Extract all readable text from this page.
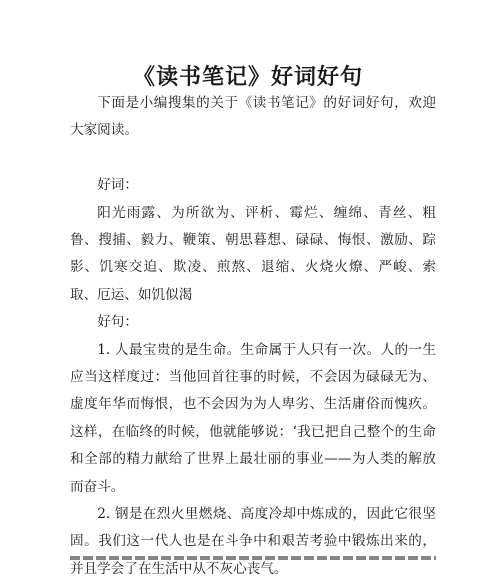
《读书笔记》好词好句

下面是小编搜集的关于《读书笔记》的好词好句，欢迎大家阅读。

好词：

阳光雨露、为所欲为、评析、霉烂、缠绵、青丝、粗鲁、搜捕、毅力、鞭策、朝思暮想、碌碌、悔恨、激励、踪影、饥寒交迫、欺凌、煎熬、退缩、火烧火燎、严峻、索取、厄运、如饥似渴

好句：

1. 人最宝贵的是生命。生命属于人只有一次。人的一生应当这样度过：当他回首往事的时候，不会因为碌碌无为、虚度年华而悔恨，也不会因为为人卑劣、生活庸俗而愧疚。这样，在临终的时候，他就能够说：‘我已把自己整个的生命和全部的精力献给了世界上最壮丽的事业——为人类的解放而奋斗。

2. 钢是在烈火里燃烧、高度冷却中炼成的，因此它很坚固。我们这一代人也是在斗争中和艰苦考验中锻炼出来的，并且学会了在生活中从不灰心丧气。
